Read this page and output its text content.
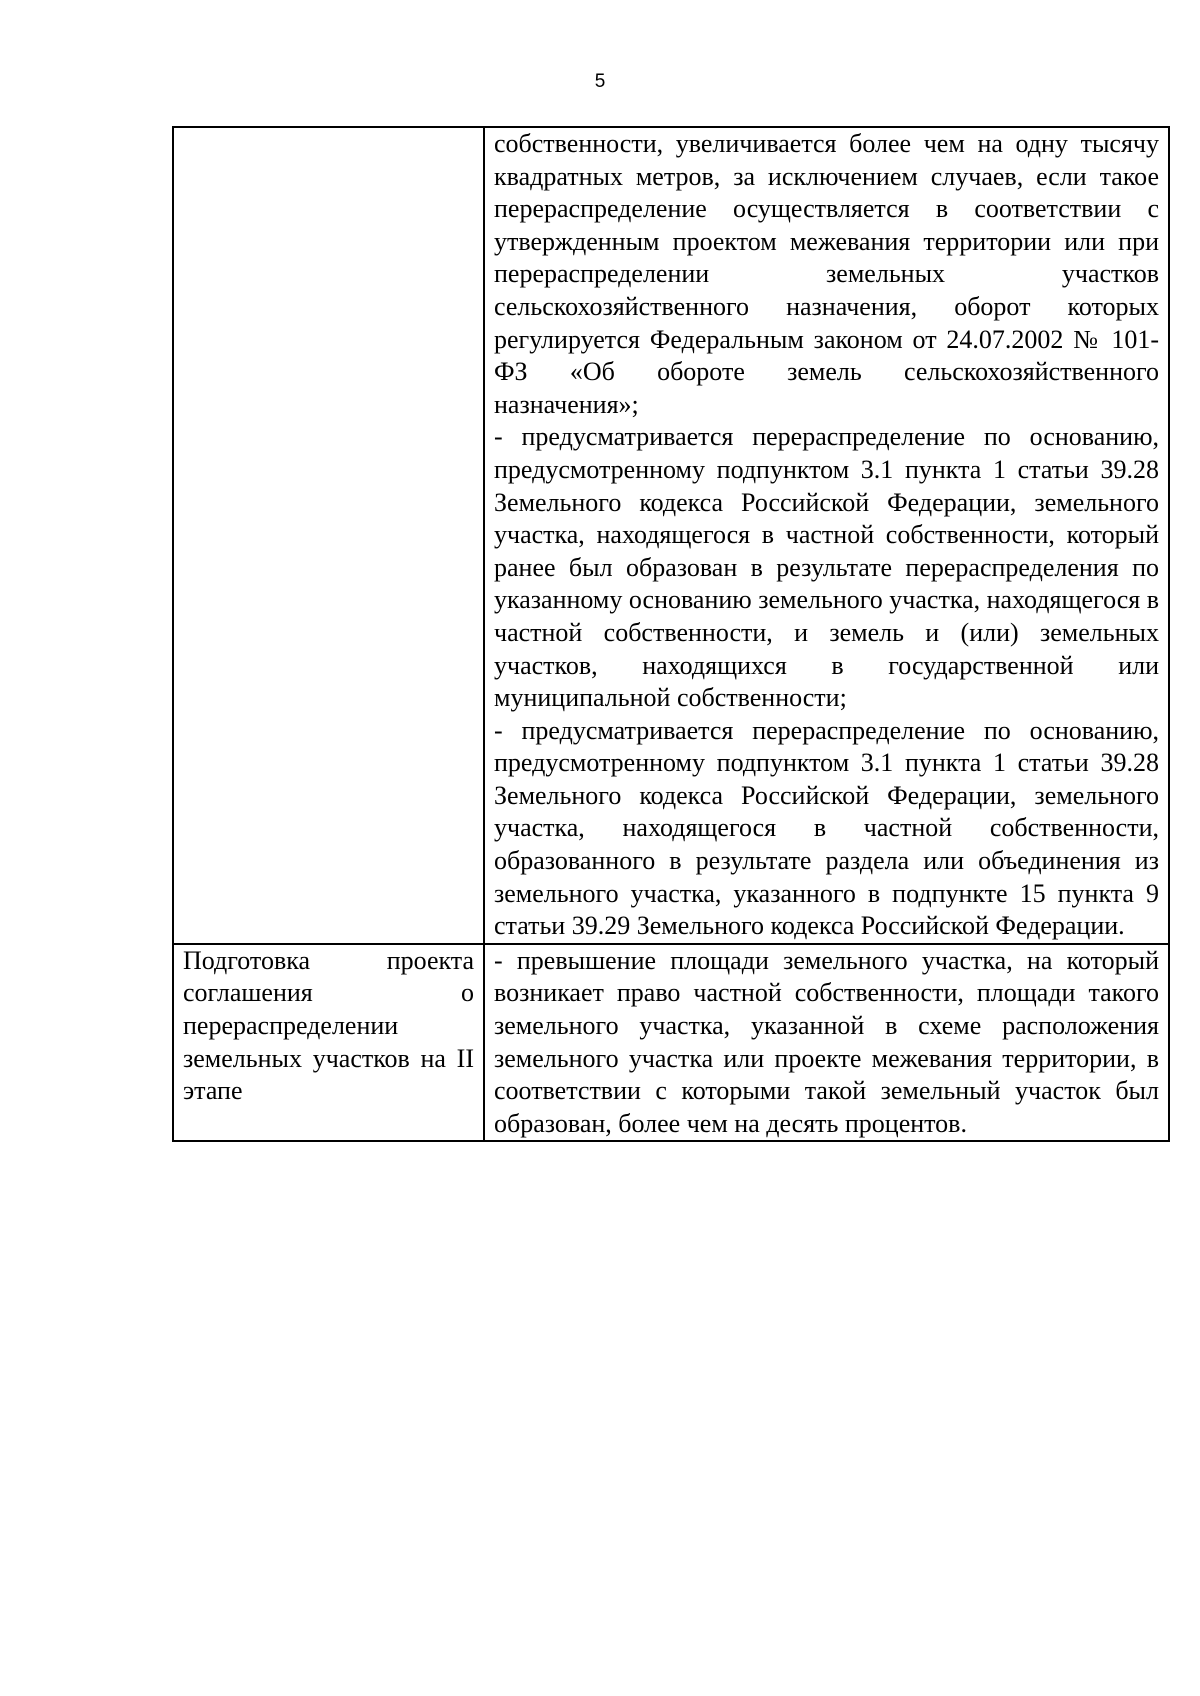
5

	собственности, увеличивается более чем на одну тысячу квадратных метров, за исключением случаев, если такое перераспределение осуществляется в соответствии с утвержденным проектом межевания территории или при перераспределении земельных участков сельскохозяйственного назначения, оборот которых регулируется Федеральным законом от 24.07.2002 № 101-ФЗ «Об обороте земель сельскохозяйственного назначения»;
- предусматривается перераспределение по основанию, предусмотренному подпунктом 3.1 пункта 1 статьи 39.28 Земельного кодекса Российской Федерации, земельного участка, находящегося в частной собственности, который ранее был образован в результате перераспределения по указанному основанию земельного участка, находящегося в частной собственности, и земель и (или) земельных участков, находящихся в государственной или муниципальной собственности;
- предусматривается перераспределение по основанию, предусмотренному подпунктом 3.1 пункта 1 статьи 39.28 Земельного кодекса Российской Федерации, земельного участка, находящегося в частной собственности, образованного в результате раздела или объединения из земельного участка, указанного в подпункте 15 пункта 9 статьи 39.29 Земельного кодекса Российской Федерации.

Подготовка проекта соглашения о перераспределении земельных участков на II этапе	- превышение площади земельного участка, на который возникает право частной собственности, площади такого земельного участка, указанной в схеме расположения земельного участка или проекте межевания территории, в соответствии с которыми такой земельный участок был образован, более чем на десять процентов.
